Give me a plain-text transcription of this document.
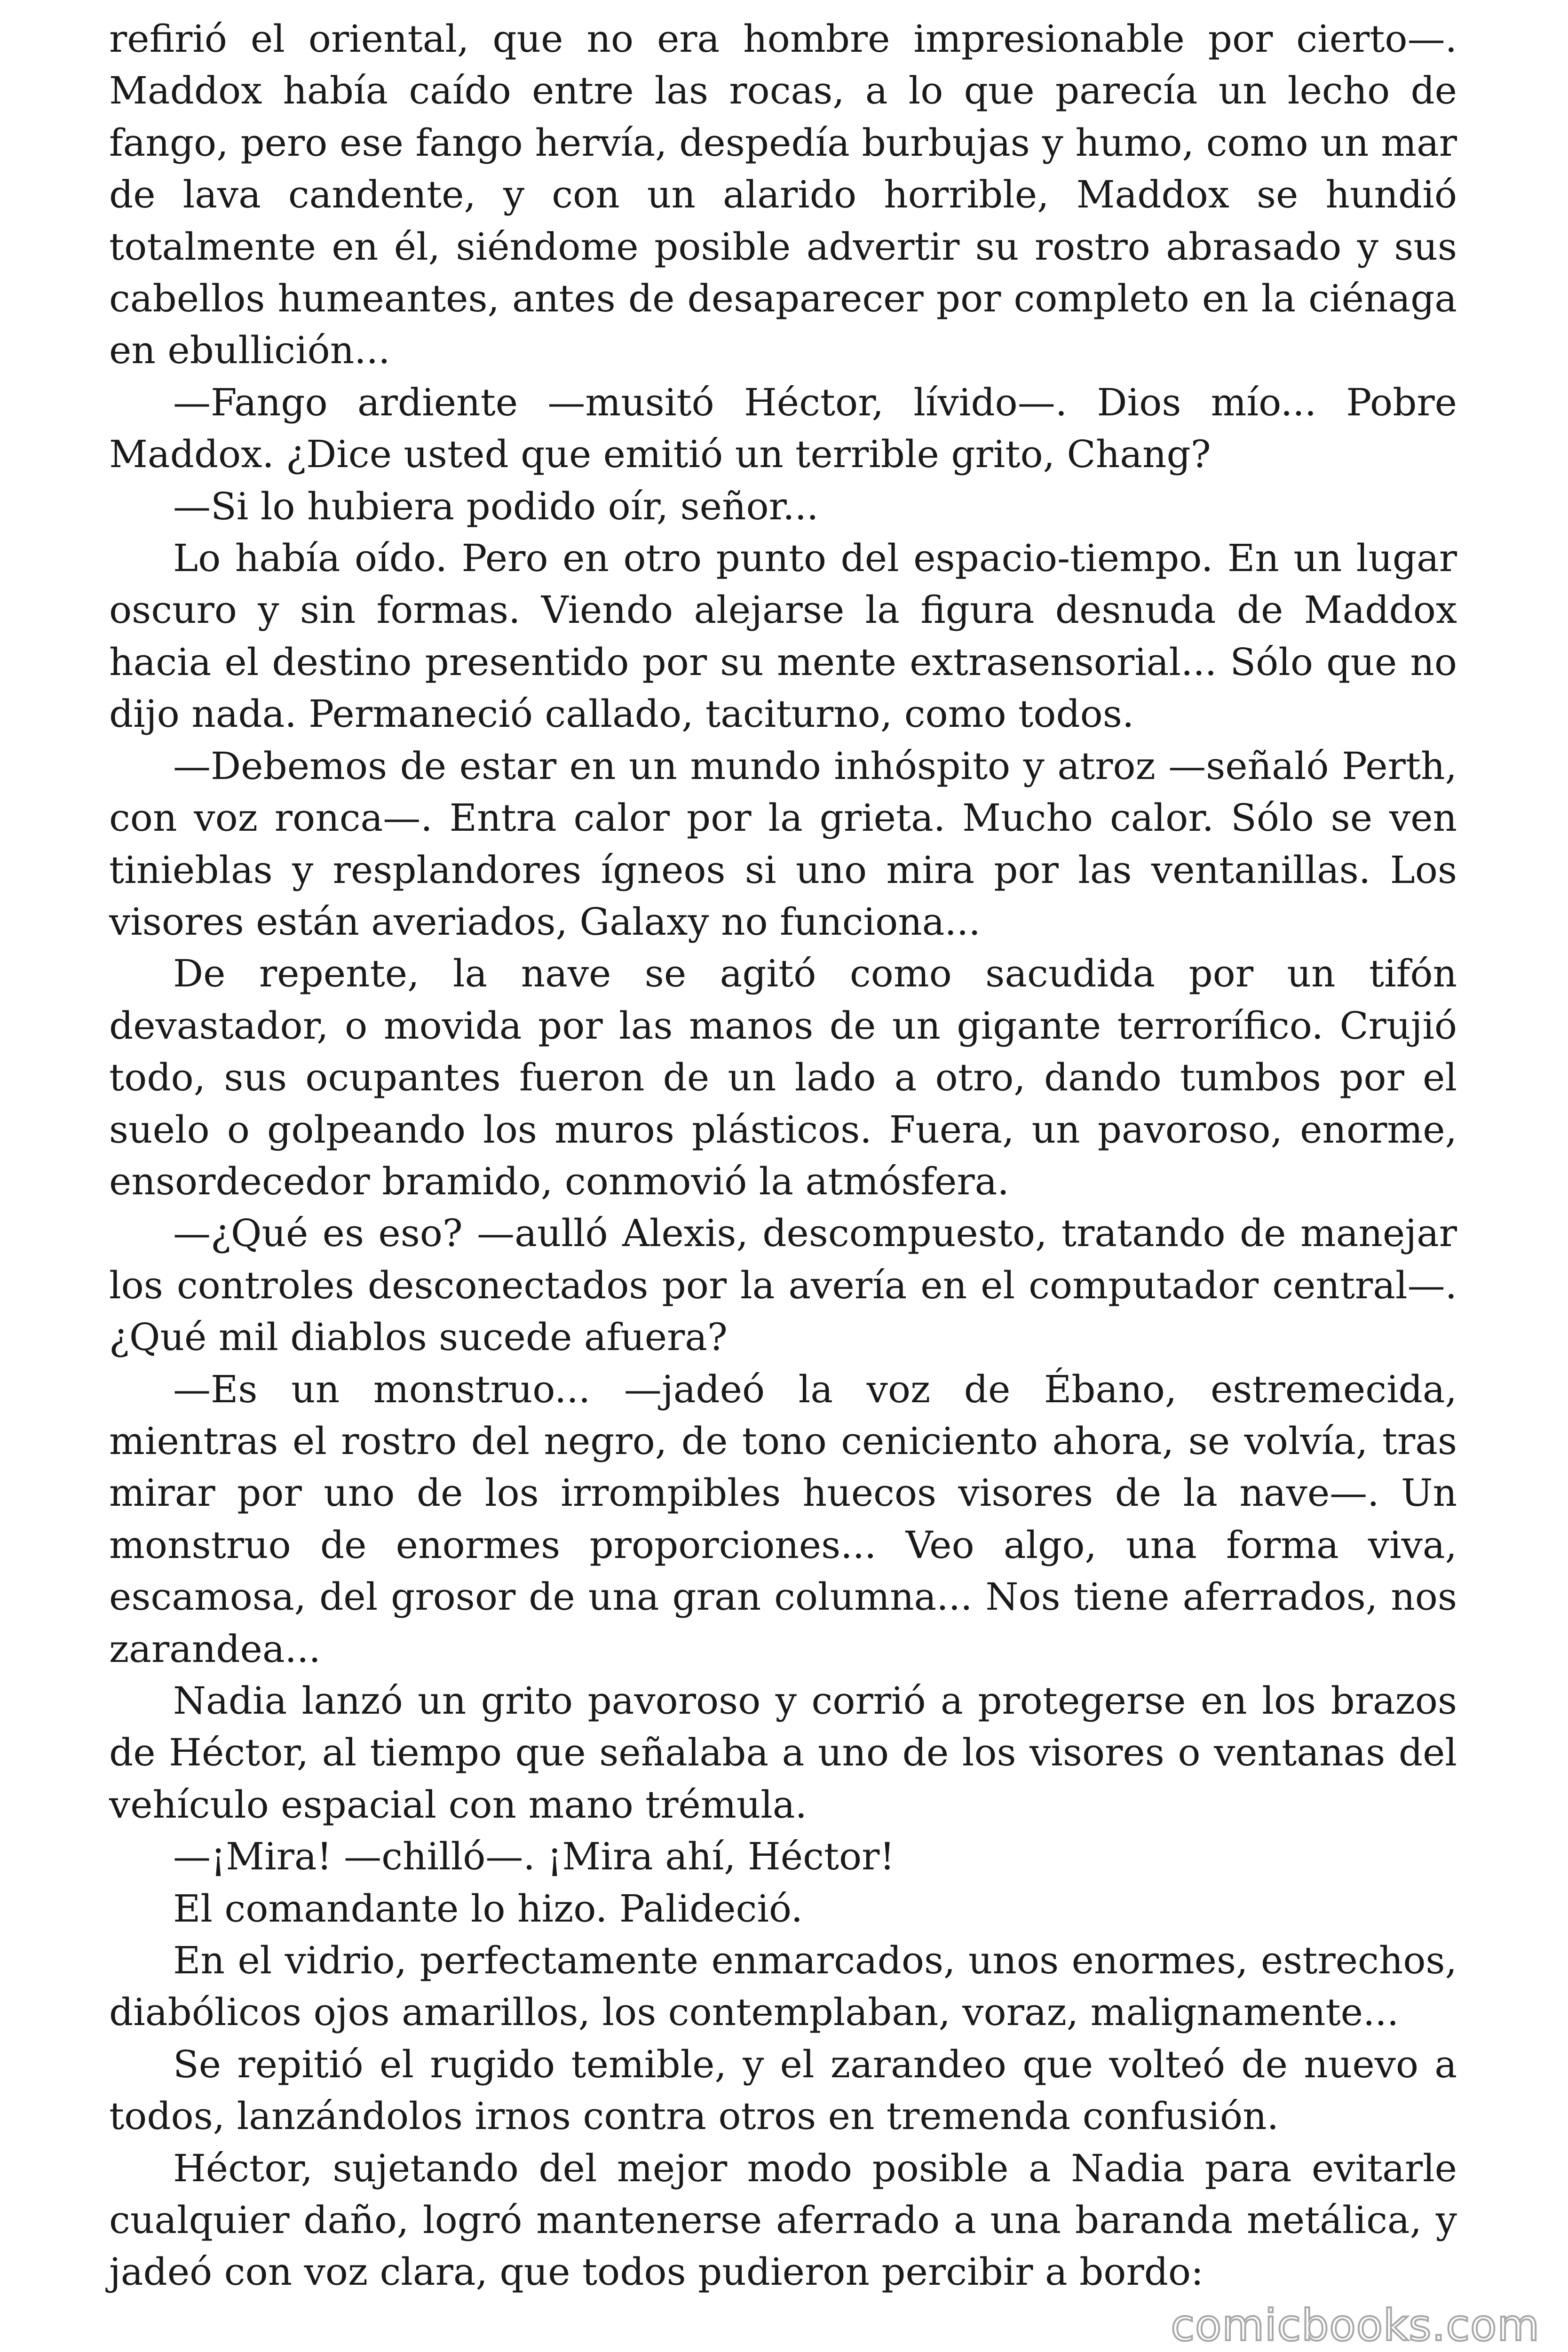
refirió el oriental, que no era hombre impresionable por cierto—. Maddox había caído entre las rocas, a lo que parecía un lecho de fango, pero ese fango hervía, despedía burbujas y humo, como un mar de lava candente, y con un alarido horrible, Maddox se hundió totalmente en él, siéndome posible advertir su rostro abrasado y sus cabellos humeantes, antes de desaparecer por completo en la ciénaga en ebullición...

—Fango ardiente —musitó Héctor, lívido—. Dios mío... Pobre Maddox. ¿Dice usted que emitió un terrible grito, Chang?

—Si lo hubiera podido oír, señor...

Lo había oído. Pero en otro punto del espacio-tiempo. En un lugar oscuro y sin formas. Viendo alejarse la figura desnuda de Maddox hacia el destino presentido por su mente extrasensorial... Sólo que no dijo nada. Permaneció callado, taciturno, como todos.

—Debemos de estar en un mundo inhóspito y atroz —señaló Perth, con voz ronca—. Entra calor por la grieta. Mucho calor. Sólo se ven tinieblas y resplandores ígneos si uno mira por las ventanillas. Los visores están averiados, Galaxy no funciona...

De repente, la nave se agitó como sacudida por un tifón devastador, o movida por las manos de un gigante terrorífico. Crujió todo, sus ocupantes fueron de un lado a otro, dando tumbos por el suelo o golpeando los muros plásticos. Fuera, un pavoroso, enorme, ensordecedor bramido, conmovió la atmósfera.

—¿Qué es eso? —aulló Alexis, descompuesto, tratando de manejar los controles desconectados por la avería en el computador central—. ¿Qué mil diablos sucede afuera?

—Es un monstruo... —jadeó la voz de Ébano, estremecida, mientras el rostro del negro, de tono ceniciento ahora, se volvía, tras mirar por uno de los irrompibles huecos visores de la nave—. Un monstruo de enormes proporciones... Veo algo, una forma viva, escamosa, del grosor de una gran columna... Nos tiene aferrados, nos zarandea...

Nadia lanzó un grito pavoroso y corrió a protegerse en los brazos de Héctor, al tiempo que señalaba a uno de los visores o ventanas del vehículo espacial con mano trémula.

—¡Mira! —chilló—. ¡Mira ahí, Héctor!

El comandante lo hizo. Palideció.

En el vidrio, perfectamente enmarcados, unos enormes, estrechos, diabólicos ojos amarillos, los contemplaban, voraz, malignamente...

Se repitió el rugido temible, y el zarandeo que volteó de nuevo a todos, lanzándolos irnos contra otros en tremenda confusión.

Héctor, sujetando del mejor modo posible a Nadia para evitarle cualquier daño, logró mantenerse aferrado a una baranda metálica, y jadeó con voz clara, que todos pudieron percibir a bordo:

comicbooks.com
